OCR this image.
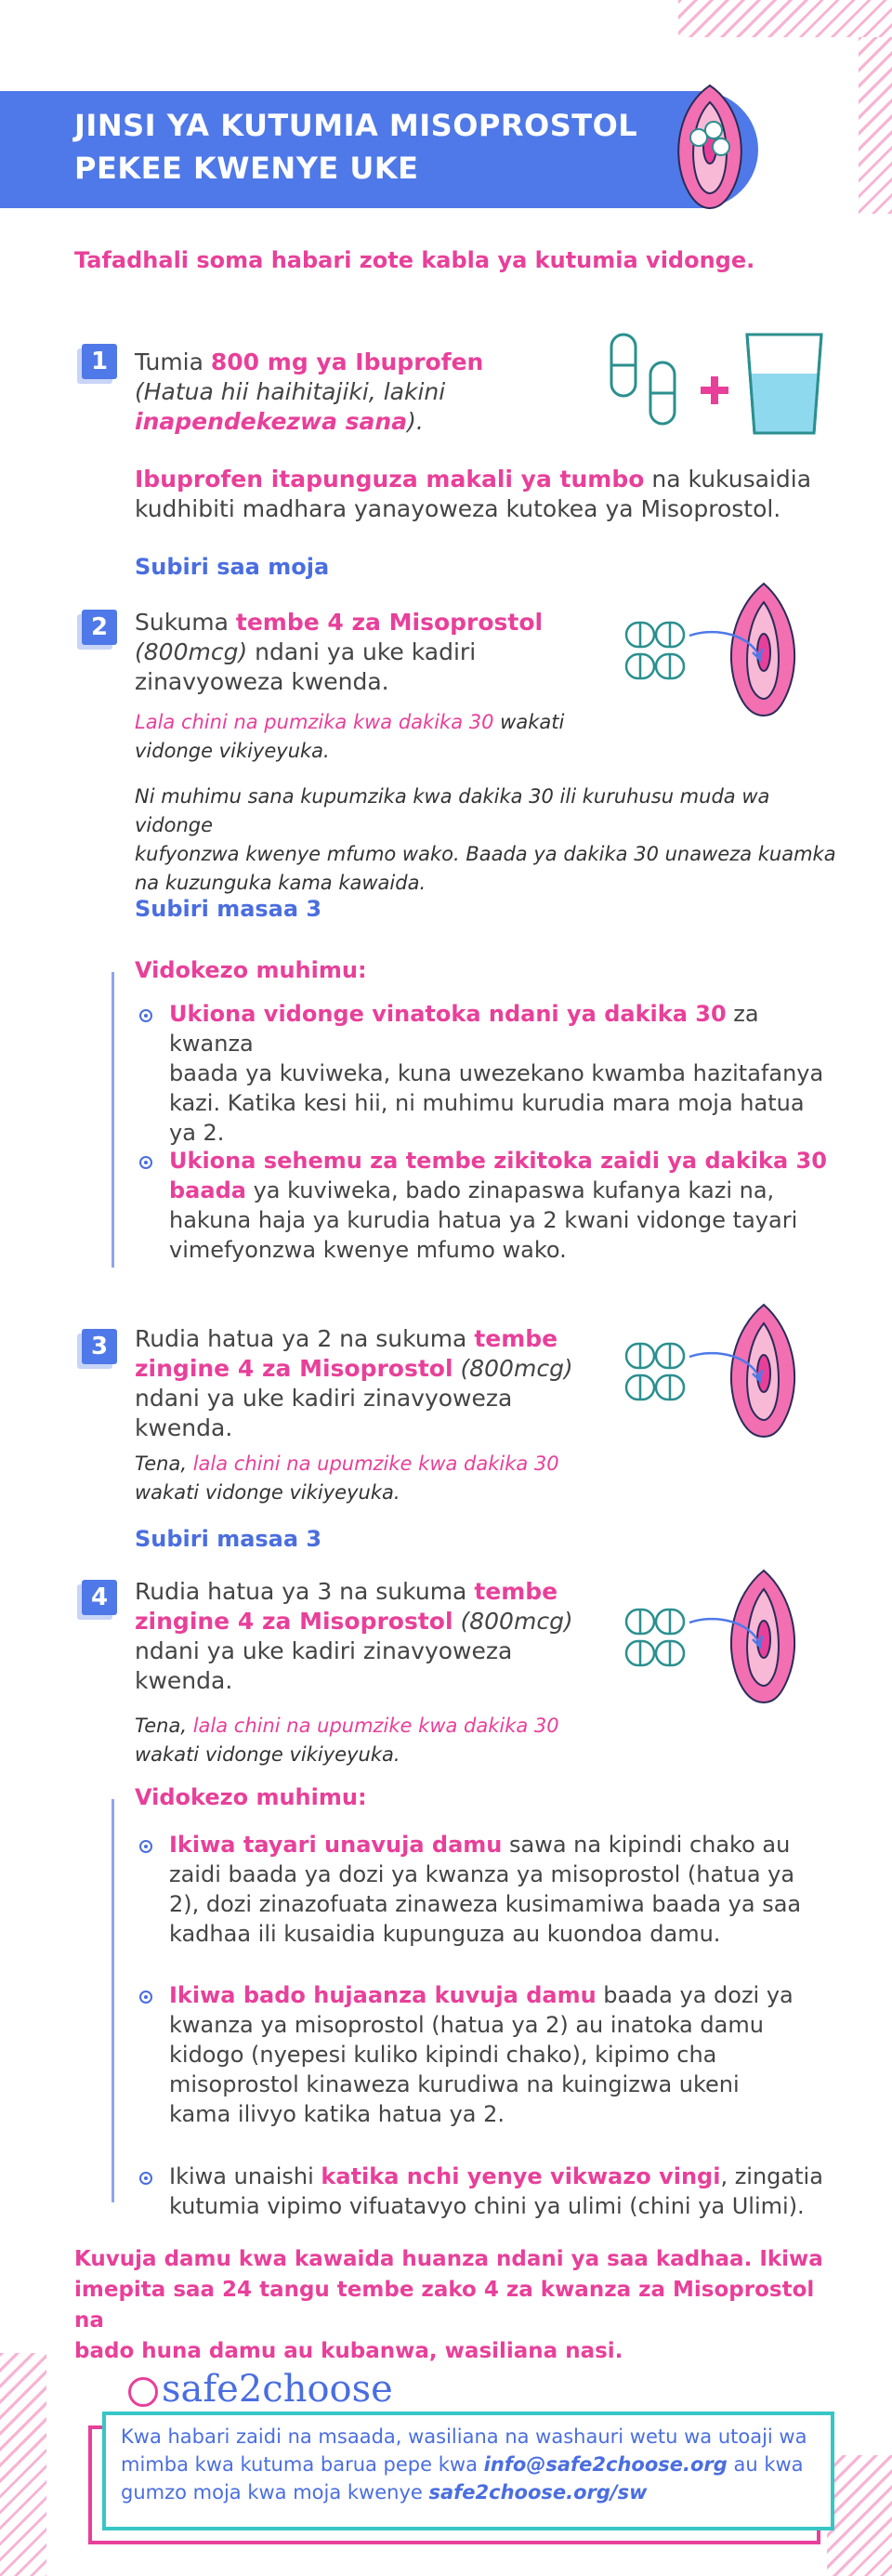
JINSI YA KUTUMIA MISOPROSTOL
PEKEE KWENYE UKE
Tafadhali soma habari zote kabla ya kutumia vidonge.
1	Tumia 800 mg ya Ibuprofen
(Hatua hii haihitajiki, lakini
inapendekezwa sana).
Ibuprofen itapunguza makali ya tumbo na kukusaidia
kudhibiti madhara yanayoweza kutokea ya Misoprostol.
Subiri saa moja
2	Sukuma tembe 4 za Misoprostol
(800mcg) ndani ya uke kadiri
zinavyoweza kwenda.
Lala chini na pumzika kwa dakika 30 wakati
vidonge vikiyeyuka.
Ni muhimu sana kupumzika kwa dakika 30 ili kuruhusu muda wa vidonge
kufyonzwa kwenye mfumo wako. Baada ya dakika 30 unaweza kuamka
na kuzunguka kama kawaida.
Subiri masaa 3
Vidokezo muhimu:
Ukiona vidonge vinatoka ndani ya dakika 30 za kwanza
baada ya kuviweka, kuna uwezekano kwamba hazitafanya
kazi. Katika kesi hii, ni muhimu kurudia mara moja hatua
ya 2.
Ukiona sehemu za tembe zikitoka zaidi ya dakika 30
baada ya kuviweka, bado zinapaswa kufanya kazi na,
hakuna haja ya kurudia hatua ya 2 kwani vidonge tayari
vimefyonzwa kwenye mfumo wako.
3	Rudia hatua ya 2 na sukuma tembe
zingine 4 za Misoprostol (800mcg)
ndani ya uke kadiri zinavyoweza
kwenda.
Tena, lala chini na upumzike kwa dakika 30
wakati vidonge vikiyeyuka.
Subiri masaa 3
4	Rudia hatua ya 3 na sukuma tembe
zingine 4 za Misoprostol (800mcg)
ndani ya uke kadiri zinavyoweza
kwenda.
Tena, lala chini na upumzike kwa dakika 30
wakati vidonge vikiyeyuka.
Vidokezo muhimu:
Ikiwa tayari unavuja damu sawa na kipindi chako au
zaidi baada ya dozi ya kwanza ya misoprostol (hatua ya
2), dozi zinazofuata zinaweza kusimamiwa baada ya saa
kadhaa ili kusaidia kupunguza au kuondoa damu.
Ikiwa bado hujaanza kuvuja damu baada ya dozi ya
kwanza ya misoprostol (hatua ya 2) au inatoka damu
kidogo (nyepesi kuliko kipindi chako), kipimo cha
misoprostol kinaweza kurudiwa na kuingizwa ukeni
kama ilivyo katika hatua ya 2.
Ikiwa unaishi katika nchi yenye vikwazo vingi, zingatia
kutumia vipimo vifuatavyo chini ya ulimi (chini ya Ulimi).
Kuvuja damu kwa kawaida huanza ndani ya saa kadhaa. Ikiwa
imepita saa 24 tangu tembe zako 4 za kwanza za Misoprostol na
bado huna damu au kubanwa, wasiliana nasi.
safe2choose
Kwa habari zaidi na msaada, wasiliana na washauri wetu wa utoaji wa
mimba kwa kutuma barua pepe kwa info@safe2choose.org au kwa
gumzo moja kwa moja kwenye safe2choose.org/sw
